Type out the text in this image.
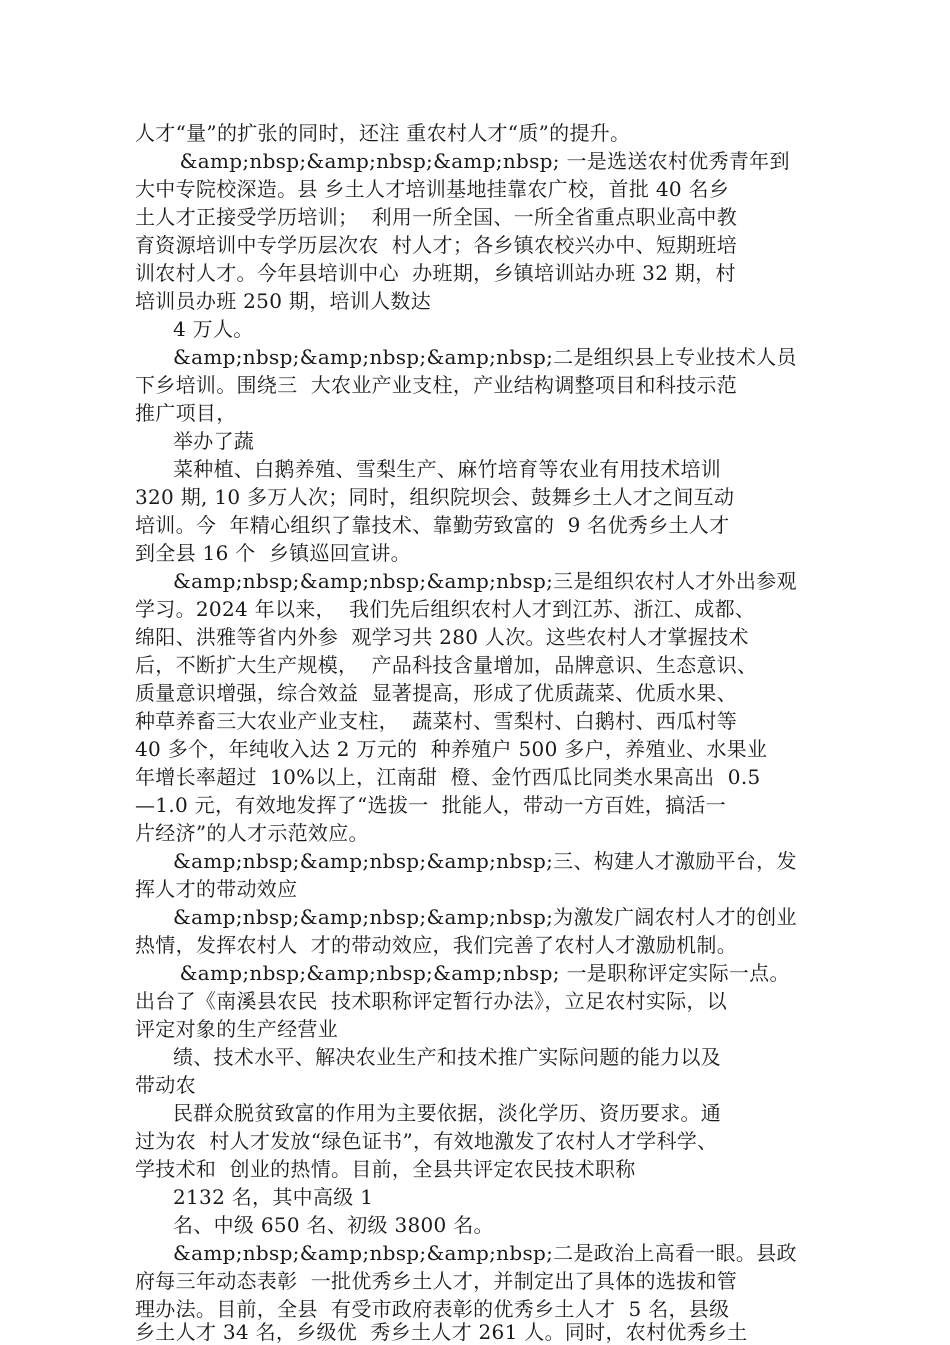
人才“量”的扩张的同时，还注 重农村人才“质”的提升。
&amp;nbsp;&amp;nbsp;&amp;nbsp; 一是选送农村优秀青年到
大中专院校深造。县 乡土人才培训基地挂靠农广校，首批 40 名乡
土人才正接受学历培训；  利用一所全国、一所全省重点职业高中教
育资源培训中专学历层次农  村人才；各乡镇农校兴办中、短期班培
训农村人才。今年县培训中心  办班期，乡镇培训站办班 32 期，村
培训员办班 250 期，培训人数达
4 万人。
&amp;nbsp;&amp;nbsp;&amp;nbsp;二是组织县上专业技术人员
下乡培训。围绕三  大农业产业支柱，产业结构调整项目和科技示范
推广项目，
举办了蔬
菜种植、白鹅养殖、雪梨生产、麻竹培育等农业有用技术培训
320 期, 10 多万人次；同时，组织院坝会、鼓舞乡土人才之间互动
培训。今  年精心组织了靠技术、靠勤劳致富的  9 名优秀乡土人才
到全县 16 个  乡镇巡回宣讲。
&amp;nbsp;&amp;nbsp;&amp;nbsp;三是组织农村人才外出参观
学习。2024 年以来，  我们先后组织农村人才到江苏、浙江、成都、
绵阳、洪雅等省内外参  观学习共 280 人次。这些农村人才掌握技术
后，不断扩大生产规模，  产品科技含量增加，品牌意识、生态意识、
质量意识增强，综合效益  显著提高，形成了优质蔬菜、优质水果、
种草养畜三大农业产业支柱，  蔬菜村、雪梨村、白鹅村、西瓜村等
40 多个，年纯收入达 2 万元的  种养殖户 500 多户，养殖业、水果业
年增长率超过  10%以上，江南甜  橙、金竹西瓜比同类水果高出  0.5
—1.0 元，有效地发挥了“选拔一  批能人，带动一方百姓，搞活一
片经济”的人才示范效应。
&amp;nbsp;&amp;nbsp;&amp;nbsp;三、构建人才激励平台，发
挥人才的带动效应
&amp;nbsp;&amp;nbsp;&amp;nbsp;为激发广阔农村人才的创业
热情，发挥农村人  才的带动效应，我们完善了农村人才激励机制。
&amp;nbsp;&amp;nbsp;&amp;nbsp; 一是职称评定实际一点。
出台了《南溪县农民  技术职称评定暂行办法》，立足农村实际，以
评定对象的生产经营业
绩、技术水平、解决农业生产和技术推广实际问题的能力以及
带动农
民群众脱贫致富的作用为主要依据，淡化学历、资历要求。通
过为农  村人才发放“绿色证书”，有效地激发了农村人才学科学、
学技术和  创业的热情。目前，全县共评定农民技术职称
2132 名，其中高级 1
名、中级 650 名、初级 3800 名。
&amp;nbsp;&amp;nbsp;&amp;nbsp;二是政治上高看一眼。县政
府每三年动态表彰  一批优秀乡土人才，并制定出了具体的选拔和管
理办法。目前，全县  有受市政府表彰的优秀乡土人才  5 名，县级
乡土人才 34 名，乡级优  秀乡土人才 261 人。同时，农村优秀乡土
